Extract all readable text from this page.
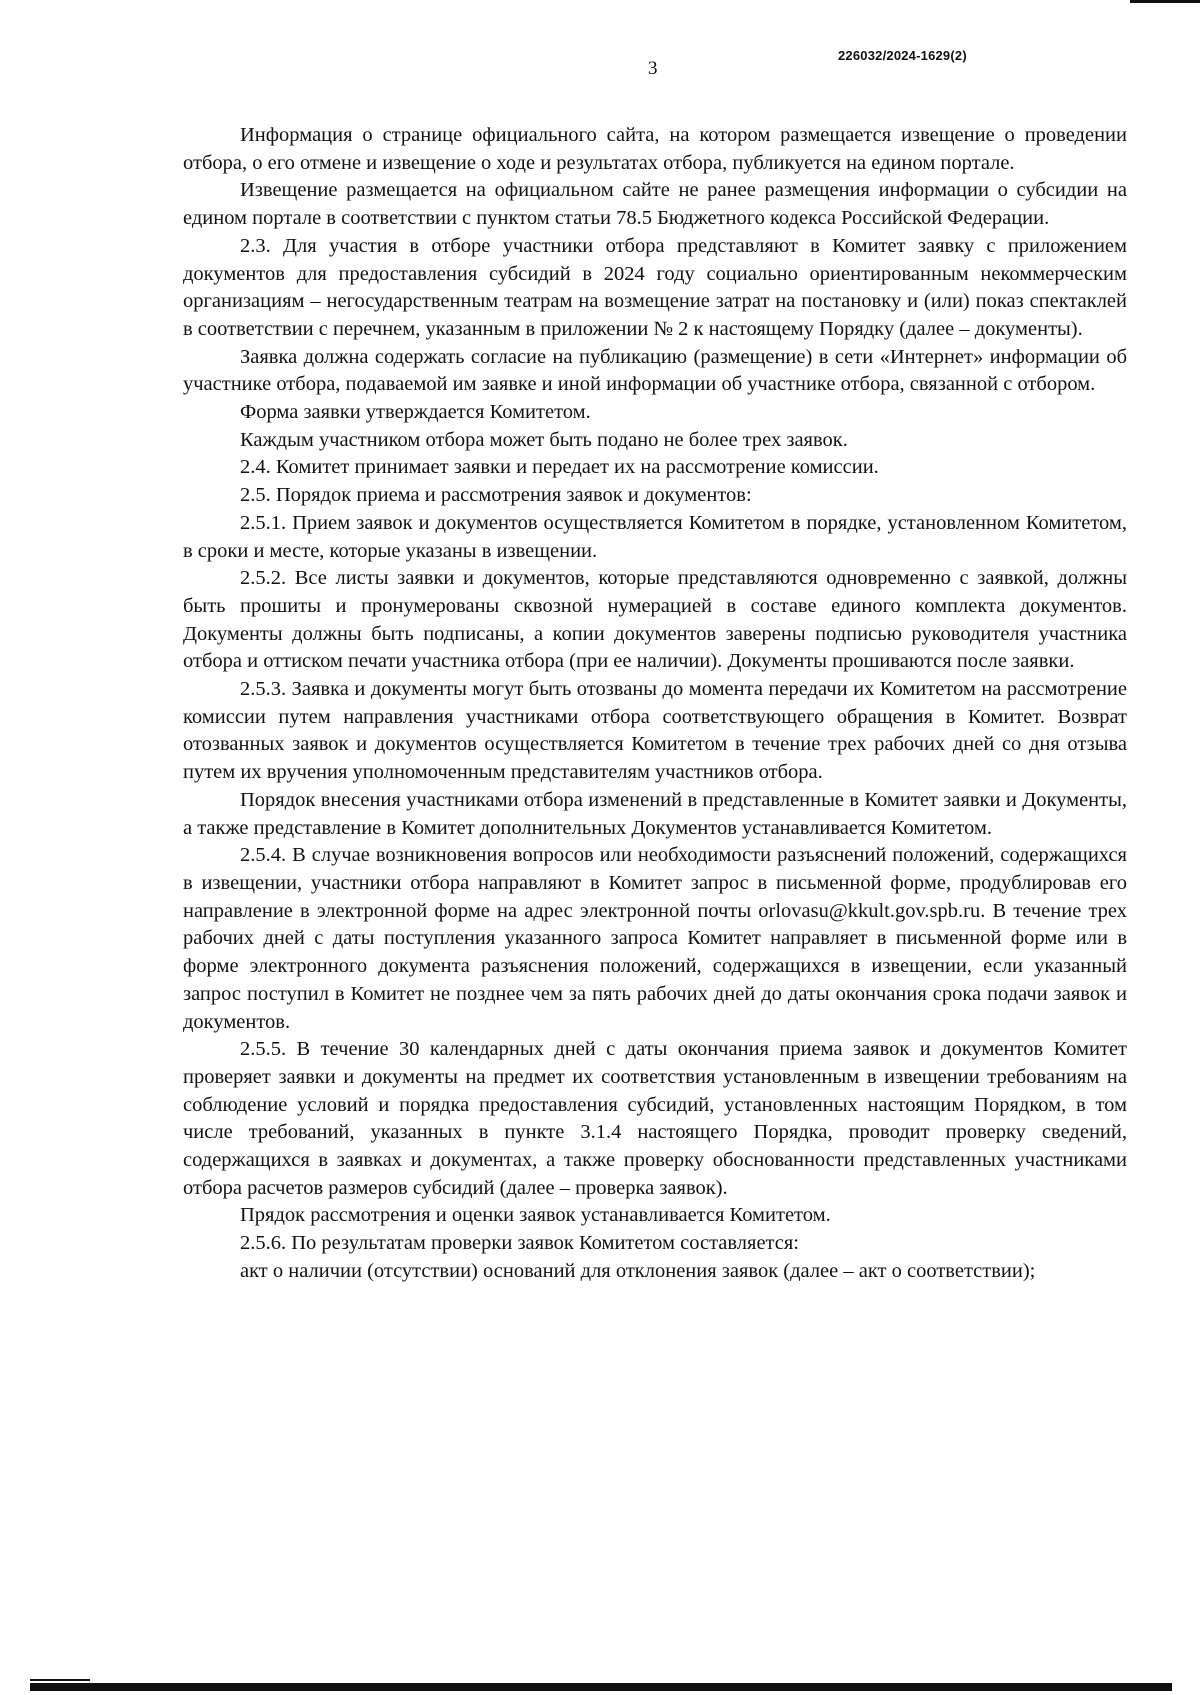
3
226032/2024-1629(2)

Информация о странице официального сайта, на котором размещается извещение о проведении отбора, о его отмене и извещение о ходе и результатах отбора, публикуется на едином портале.

Извещение размещается на официальном сайте не ранее размещения информации о субсидии на едином портале в соответствии с пунктом статьи 78.5 Бюджетного кодекса Российской Федерации.

2.3. Для участия в отборе участники отбора представляют в Комитет заявку с приложением документов для предоставления субсидий в 2024 году социально ориентированным некоммерческим организациям – негосударственным театрам на возмещение затрат на постановку и (или) показ спектаклей в соответствии с перечнем, указанным в приложении № 2 к настоящему Порядку (далее – документы).

Заявка должна содержать согласие на публикацию (размещение) в сети «Интернет» информации об участнике отбора, подаваемой им заявке и иной информации об участнике отбора, связанной с отбором.

Форма заявки утверждается Комитетом.

Каждым участником отбора может быть подано не более трех заявок.

2.4. Комитет принимает заявки и передает их на рассмотрение комиссии.

2.5. Порядок приема и рассмотрения заявок и документов:

2.5.1. Прием заявок и документов осуществляется Комитетом в порядке, установленном Комитетом, в сроки и месте, которые указаны в извещении.

2.5.2. Все листы заявки и документов, которые представляются одновременно с заявкой, должны быть прошиты и пронумерованы сквозной нумерацией в составе единого комплекта документов. Документы должны быть подписаны, а копии документов заверены подписью руководителя участника отбора и оттиском печати участника отбора (при ее наличии). Документы прошиваются после заявки.

2.5.3. Заявка и документы могут быть отозваны до момента передачи их Комитетом на рассмотрение комиссии путем направления участниками отбора соответствующего обращения в Комитет. Возврат отозванных заявок и документов осуществляется Комитетом в течение трех рабочих дней со дня отзыва путем их вручения уполномоченным представителям участников отбора.

Порядок внесения участниками отбора изменений в представленные в Комитет заявки и Документы, а также представление в Комитет дополнительных Документов устанавливается Комитетом.

2.5.4. В случае возникновения вопросов или необходимости разъяснений положений, содержащихся в извещении, участники отбора направляют в Комитет запрос в письменной форме, продублировав его направление в электронной форме на адрес электронной почты orlovasu@kkult.gov.spb.ru. В течение трех рабочих дней с даты поступления указанного запроса Комитет направляет в письменной форме или в форме электронного документа разъяснения положений, содержащихся в извещении, если указанный запрос поступил в Комитет не позднее чем за пять рабочих дней до даты окончания срока подачи заявок и документов.

2.5.5. В течение 30 календарных дней с даты окончания приема заявок и документов Комитет проверяет заявки и документы на предмет их соответствия установленным в извещении требованиям на соблюдение условий и порядка предоставления субсидий, установленных настоящим Порядком, в том числе требований, указанных в пункте 3.1.4 настоящего Порядка, проводит проверку сведений, содержащихся в заявках и документах, а также проверку обоснованности представленных участниками отбора расчетов размеров субсидий (далее – проверка заявок).

Прядок рассмотрения и оценки заявок устанавливается Комитетом.

2.5.6. По результатам проверки заявок Комитетом составляется:

акт о наличии (отсутствии) оснований для отклонения заявок (далее – акт о соответствии);
